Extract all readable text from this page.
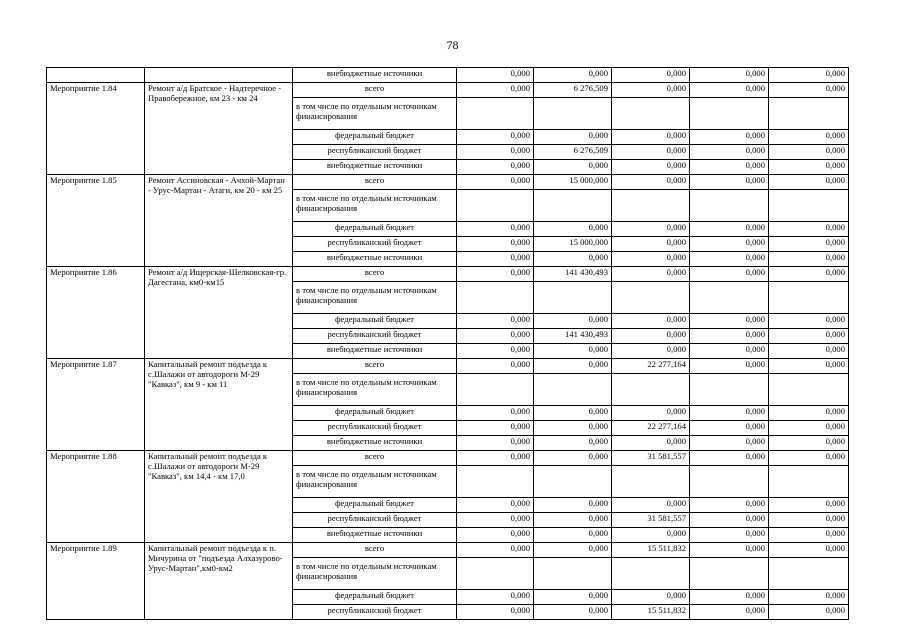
78
		внебюджетные источники	0,000	0,000	0,000	0,000	0,000
Мероприятие 1.84	Ремонт а/д Братское - Надтеречное - Правобережное, км 23 - км 24	всего	0,000	6 276,509	0,000	0,000	0,000
		в том числе по отдельным источникам финансирования					
		федеральный бюджет	0,000	0,000	0,000	0,000	0,000
		республиканский бюджет	0,000	6 276,509	0,000	0,000	0,000
		внебюджетные источники	0,000	0,000	0,000	0,000	0,000
Мероприятие 1.85	Ремонт Ассиновская - Ачхой-Мартан - Урус-Мартан - Атаги, км 20 - км 25	всего	0,000	15 000,000	0,000	0,000	0,000
		в том числе по отдельным источникам финансирования					
		федеральный бюджет	0,000	0,000	0,000	0,000	0,000
		республиканский бюджет	0,000	15 000,000	0,000	0,000	0,000
		внебюджетные источники	0,000	0,000	0,000	0,000	0,000
Мероприятие 1.86	Ремонт а/д Ищерская-Шелковская-гр. Дагестана, км0-км15	всего	0,000	141 430,493	0,000	0,000	0,000
		в том числе по отдельным источникам финансирования					
		федеральный бюджет	0,000	0,000	0,000	0,000	0,000
		республиканский бюджет	0,000	141 430,493	0,000	0,000	0,000
		внебюджетные источники	0,000	0,000	0,000	0,000	0,000
Мероприятие 1.87	Капитальный ремонт подъезда к с.Шалажи от автодороги М-29 "Кавказ", км 9 - км 11	всего	0,000	0,000	22 277,164	0,000	0,000
		в том числе по отдельным источникам финансирования					
		федеральный бюджет	0,000	0,000	0,000	0,000	0,000
		республиканский бюджет	0,000	0,000	22 277,164	0,000	0,000
		внебюджетные источники	0,000	0,000	0,000	0,000	0,000
Мероприятие 1.88	Капитальный ремонт подъезда к с.Шалажи от автодороги М-29 "Кавказ", км 14,4 - км 17,0	всего	0,000	0,000	31 581,557	0,000	0,000
		в том числе по отдельным источникам финансирования					
		федеральный бюджет	0,000	0,000	0,000	0,000	0,000
		республиканский бюджет	0,000	0,000	31 581,557	0,000	0,000
		внебюджетные источники	0,000	0,000	0,000	0,000	0,000
Мероприятие 1.89	Капитальный ремонт подъезда к п. Мичурина от "подъезда Алхазурово-Урус-Мартан",км0-км2	всего	0,000	0,000	15 511,832	0,000	0,000
		в том числе по отдельным источникам финансирования					
		федеральный бюджет	0,000	0,000	0,000	0,000	0,000
		республиканский бюджет	0,000	0,000	15 511,832	0,000	0,000
